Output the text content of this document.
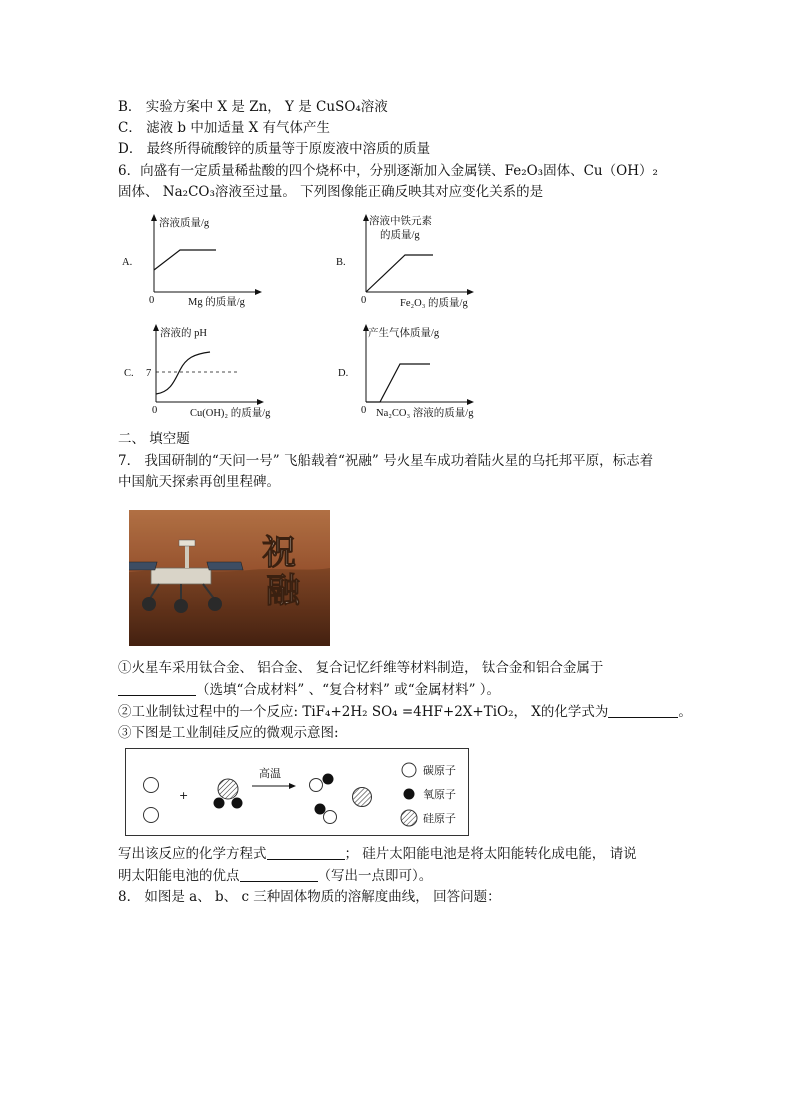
B． 实验方案中 X 是 Zn， Y 是 CuSO₄溶液
C． 滤液 b 中加适量 X 有气体产生
D． 最终所得硫酸锌的质量等于原废液中溶质的质量
6．向盛有一定质量稀盐酸的四个烧杯中，分别逐渐加入金属镁、Fe₂O₃固体、Cu（OH）₂
固体、 Na₂CO₃溶液至过量。 下列图像能正确反映其对应变化关系的是
A.
溶液质量/g
0	Mg 的质量/g
B.
溶液中铁元素
的质量/g
0	Fe₂O₃ 的质量/g
C. 7
溶液的 pH
0	Cu(OH)₂ 的质量/g
D.
产生气体质量/g
0 Na₂CO₃ 溶液的质量/g
二、 填空题
7． 我国研制的“天问一号” 飞船载着“祝融” 号火星车成功着陆火星的乌托邦平原，标志着
中国航天探索再创里程碑。
祝
融
①火星车采用钛合金、 铝合金、 复合记忆纤维等材料制造， 钛合金和铝合金属于
（选填“合成材料” 、“复合材料” 或“金属材料” ）。
②工业制钛过程中的一个反应: TiF₄+2H₂ SO₄ =4HF+2X+TiO₂， X的化学式为	。
③下图是工业制硅反应的微观示意图:
+
高温	碳原子
氧原子
硅原子
写出该反应的化学方程式	； 硅片太阳能电池是将太阳能转化成电能， 请说
明太阳能电池的优点	（写出一点即可）。
8． 如图是 a、 b、 c 三种固体物质的溶解度曲线， 回答问题：
